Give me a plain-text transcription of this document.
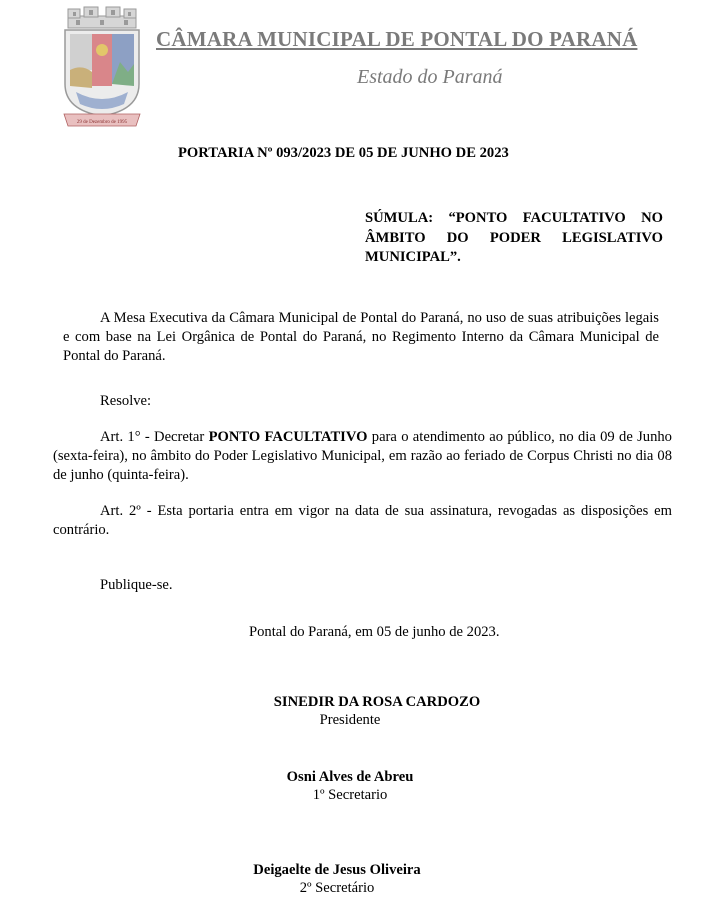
29 de Dezembro de 1995
CÂMARA MUNICIPAL DE PONTAL DO PARANÁ
Estado do Paraná
PORTARIA Nº 093/2023 DE 05 DE JUNHO DE 2023
SÚMULA: “PONTO FACULTATIVO NO ÂMBITO DO PODER LEGISLATIVO MUNICIPAL”.
A Mesa Executiva da Câmara Municipal de Pontal do Paraná, no uso de suas atribuições legais e com base na Lei Orgânica de Pontal do Paraná, no Regimento Interno da Câmara Municipal de Pontal do Paraná.
Resolve:
Art. 1° - Decretar PONTO FACULTATIVO para o atendimento ao público, no dia 09 de Junho (sexta-feira), no âmbito do Poder Legislativo Municipal, em razão ao feriado de Corpus Christi no dia 08 de junho (quinta-feira).
Art. 2º - Esta portaria entra em vigor na data de sua assinatura, revogadas as disposições em contrário.
Publique-se.
Pontal do Paraná, em 05 de junho de 2023.
SINEDIR DA ROSA CARDOZO
Presidente
Osni Alves de Abreu
1º Secretario
Deigaelte de Jesus Oliveira
2º Secretário
